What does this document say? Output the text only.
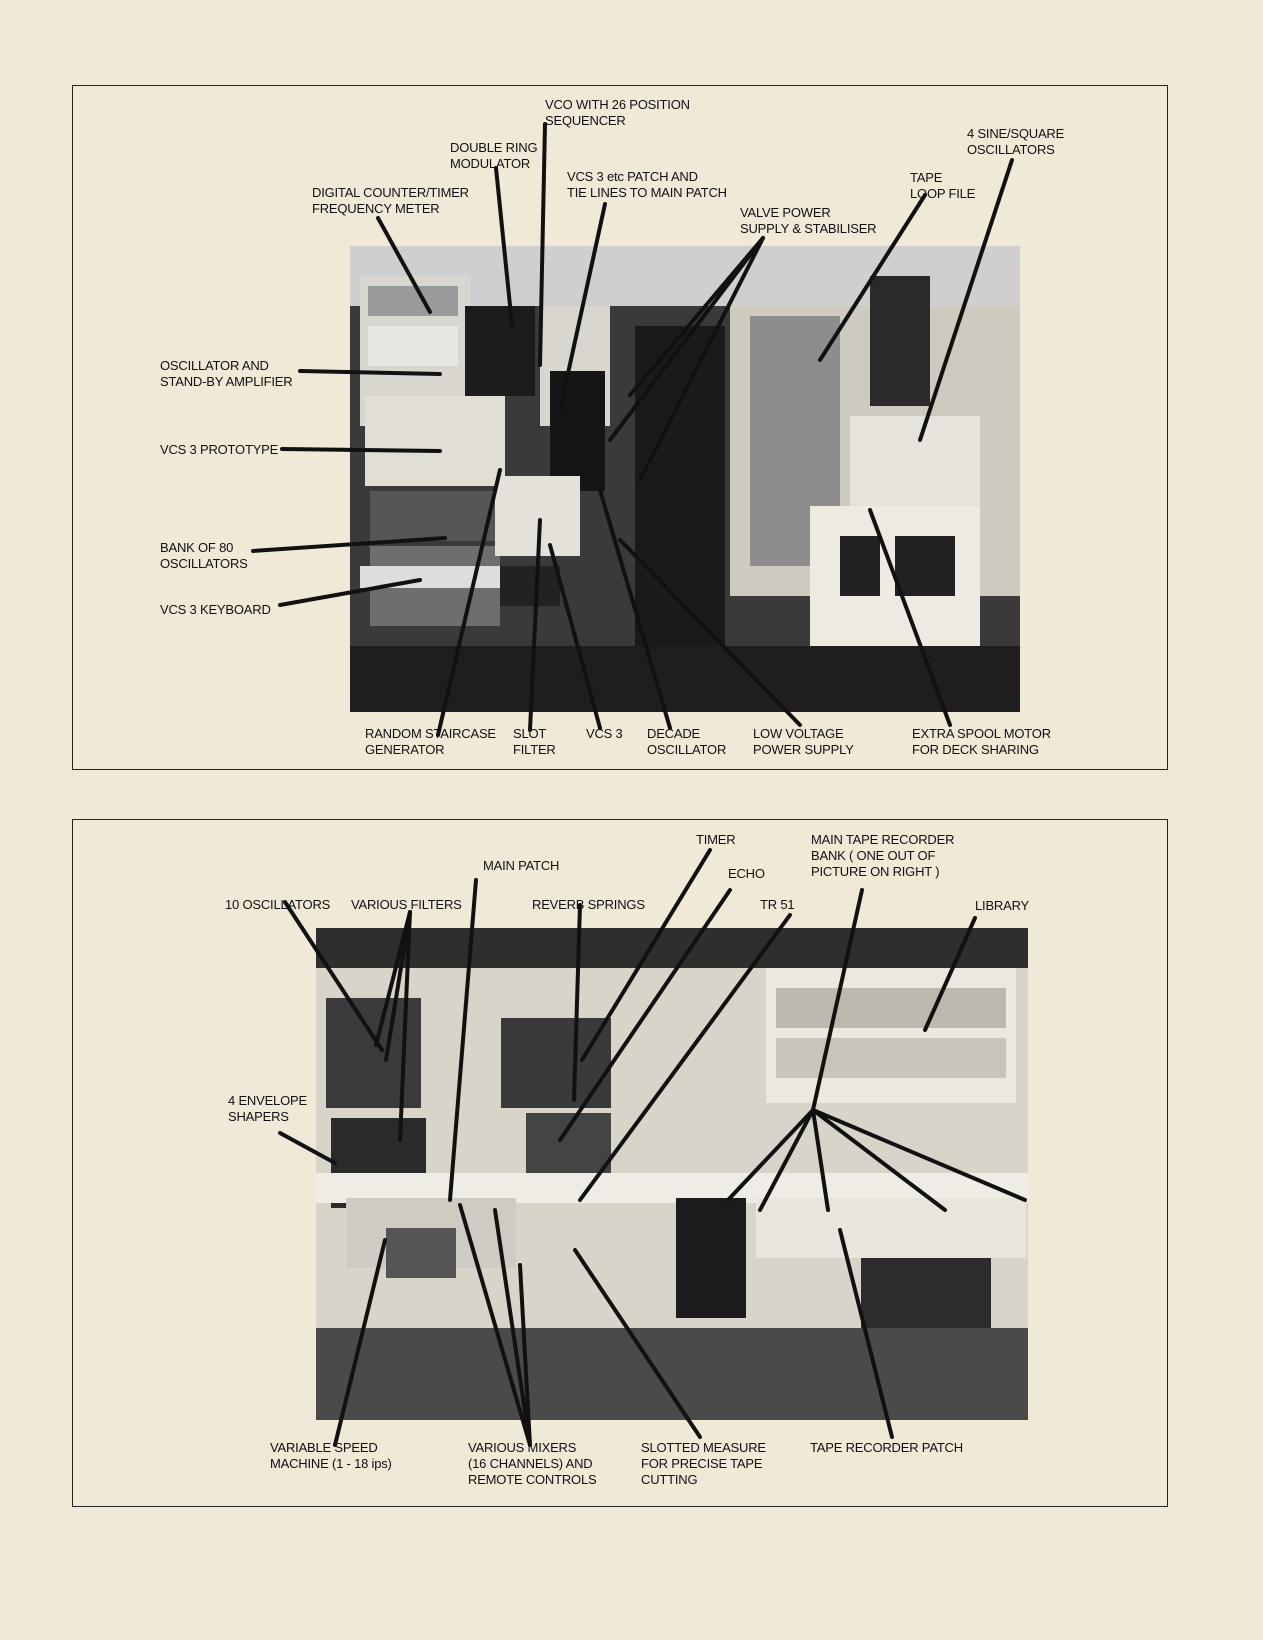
VCO WITH 26 POSITION
SEQUENCER
DOUBLE RING
MODULATOR
VCS 3 etc PATCH AND
TIE LINES TO MAIN PATCH
4 SINE/SQUARE
OSCILLATORS
DIGITAL COUNTER/TIMER
FREQUENCY METER
TAPE
LOOP FILE
VALVE POWER
SUPPLY & STABILISER
OSCILLATOR AND
STAND-BY AMPLIFIER
VCS 3 PROTOTYPE
BANK OF 80
OSCILLATORS
VCS 3 KEYBOARD
RANDOM STAIRCASE
GENERATOR
SLOT
FILTER
VCS 3 DECADE
OSCILLATOR
LOW VOLTAGE
POWER SUPPLY
EXTRA SPOOL MOTOR
FOR DECK SHARING
TIMER	MAIN TAPE RECORDER
BANK ( ONE OUT OF
PICTURE ON RIGHT )
MAIN PATCH
ECHO
10 OSCILLATORS VARIOUS FILTERS	REVERB SPRINGS	TR 51	LIBRARY
4 ENVELOPE
SHAPERS
VARIABLE SPEED
MACHINE (1 - 18 ips)
VARIOUS MIXERS
(16 CHANNELS) AND
REMOTE CONTROLS
SLOTTED MEASURE
FOR PRECISE TAPE
CUTTING
TAPE RECORDER PATCH
